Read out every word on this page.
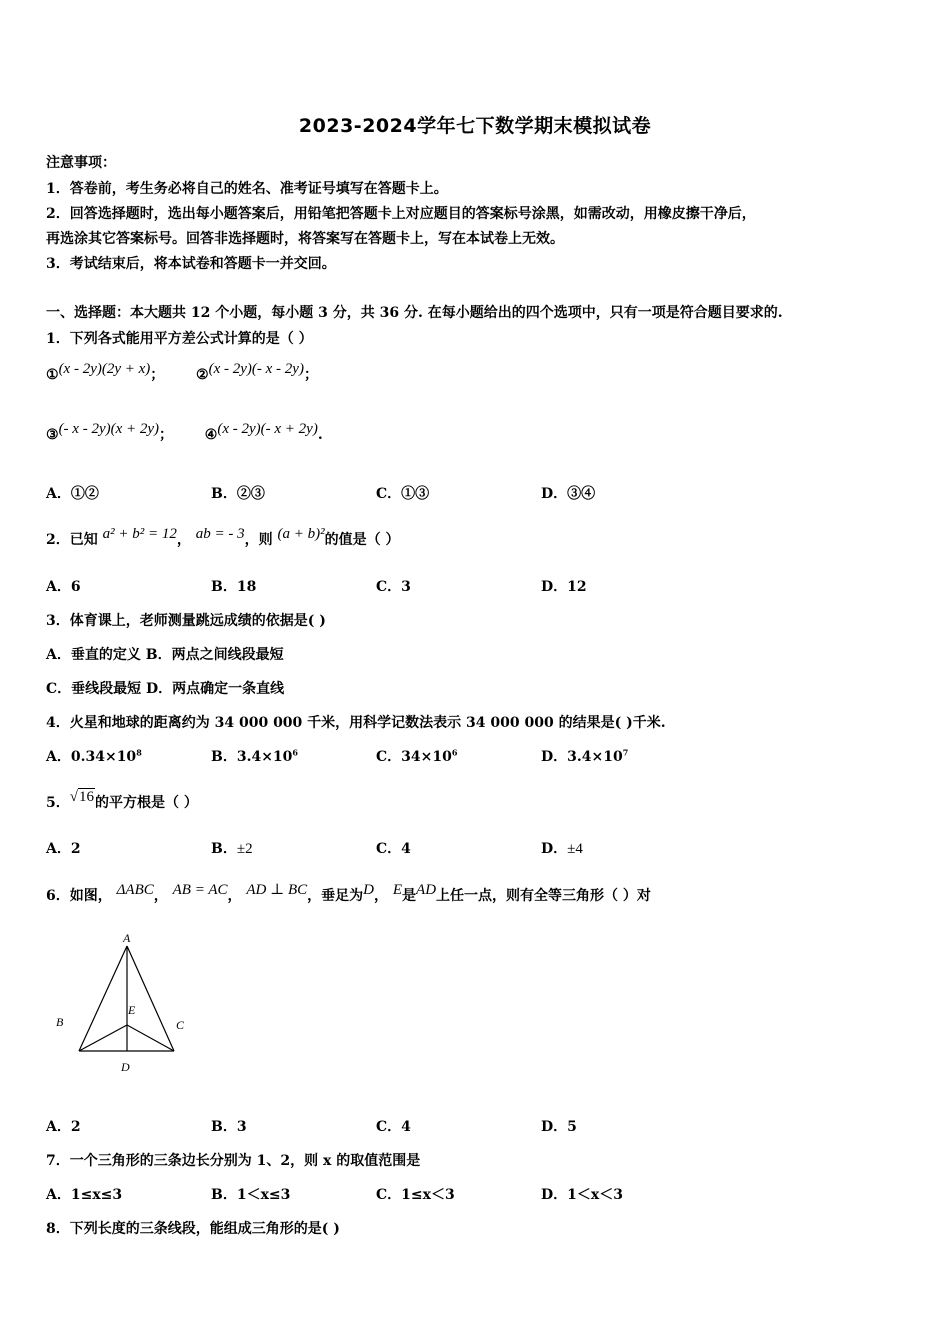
2023-2024学年七下数学期末模拟试卷
注意事项：
1．答卷前，考生务必将自己的姓名、准考证号填写在答题卡上。
2．回答选择题时，选出每小题答案后，用铅笔把答题卡上对应题目的答案标号涂黑，如需改动，用橡皮擦干净后，
再选涂其它答案标号。回答非选择题时，将答案写在答题卡上，写在本试卷上无效。
3．考试结束后，将本试卷和答题卡一并交回。
一、选择题：本大题共 12 个小题，每小题 3 分，共 36 分. 在每小题给出的四个选项中，只有一项是符合题目要求的.
1．下列各式能用平方差公式计算的是（ ）
①(x - 2y)(2y + x)； ②(x - 2y)(- x - 2y)；
③(- x - 2y)(x + 2y)； ④(x - 2y)(- x + 2y).
A．①②	B．②③	C．①③	D．③④
2．已知 a² + b² = 12， ab = - 3，则 (a + b)²的值是（ ）
A．6	B．18	C．3	D．12
3．体育课上，老师测量跳远成绩的依据是( )
A．垂直的定义 B．两点之间线段最短
C．垂线段最短 D．两点确定一条直线
4．火星和地球的距离约为 34 000 000 千米，用科学记数法表示 34 000 000 的结果是( )千米.
A．$0.34\times 10^8$	B．$3.4\times 10^6$	C．$34\times 10^6$	D．$3.4\times 10^7$
5．√16的平方根是（ ）
A．2	B．±2	C．4	D．±4
6．如图， ΔABC， AB = AC， AD ⊥ BC，垂足为D， E是AD上任一点，则有全等三角形（ ）对
A
B	C
D
E
A．2	B．3	C．4	D．5
7．一个三角形的三条边长分别为 1、2，则 x 的取值范围是
A．1≤x≤3	B．1＜x≤3	C．1≤x＜3	D．1＜x＜3
8．下列长度的三条线段，能组成三角形的是( )
